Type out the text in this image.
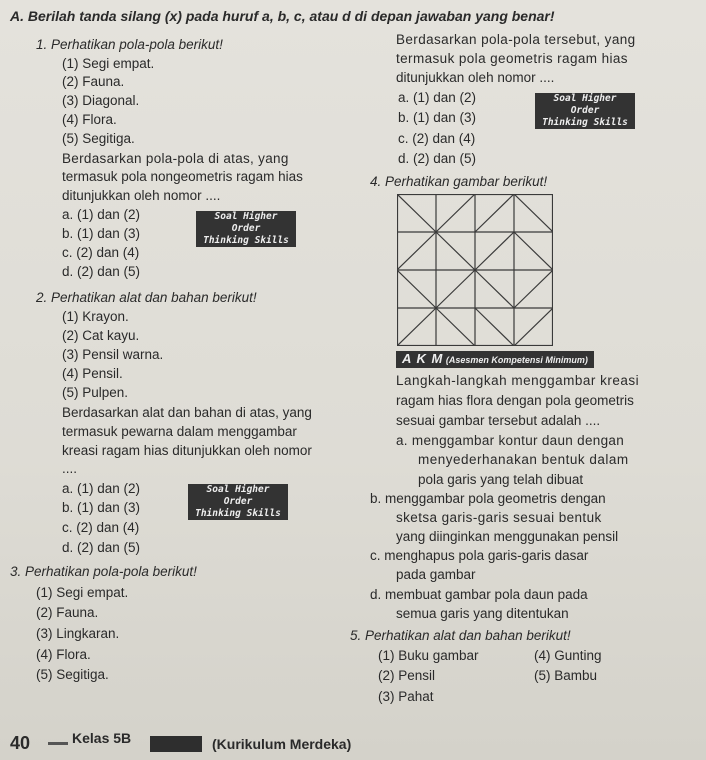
A. Berilah tanda silang (x) pada huruf a, b, c, atau d di depan jawaban yang benar!
1. Perhatikan pola-pola berikut!
(1) Segi empat.
(2) Fauna.
(3) Diagonal.
(4) Flora.
(5) Segitiga.
Berdasarkan pola-pola di atas, yang
termasuk pola nongeometris ragam hias
ditunjukkan oleh nomor ....
a. (1) dan (2)
b. (1) dan (3)
c. (2) dan (4)
d. (2) dan (5)
Soal Higher Order
Thinking Skills
2. Perhatikan alat dan bahan berikut!
(1) Krayon.
(2) Cat kayu.
(3) Pensil warna.
(4) Pensil.
(5) Pulpen.
Berdasarkan alat dan bahan di atas, yang
termasuk pewarna dalam menggambar
kreasi ragam hias ditunjukkan oleh nomor
....
a. (1) dan (2)
b. (1) dan (3)
c. (2) dan (4)
d. (2) dan (5)
Soal Higher Order
Thinking Skills
3. Perhatikan pola-pola berikut!
(1) Segi empat.
(2) Fauna.
(3) Lingkaran.
(4) Flora.
(5) Segitiga.
Berdasarkan pola-pola tersebut, yang
termasuk pola geometris ragam hias
ditunjukkan oleh nomor ....
a. (1) dan (2)
b. (1) dan (3)
c. (2) dan (4)
d. (2) dan (5)
Soal Higher Order
Thinking Skills
4. Perhatikan gambar berikut!
A K M (Asesmen Kompetensi Minimum)
Langkah-langkah menggambar kreasi
ragam hias flora dengan pola geometris
sesuai gambar tersebut adalah ....
a. menggambar kontur daun dengan
menyederhanakan bentuk dalam
pola garis yang telah dibuat
b. menggambar pola geometris dengan
sketsa garis-garis sesuai bentuk
yang diinginkan menggunakan pensil
c. menghapus pola garis-garis dasar
pada gambar
d. membuat gambar pola daun pada
semua garis yang ditentukan
5. Perhatikan alat dan bahan berikut!
(1) Buku gambar	(4) Gunting
(2) Pensil	(5) Bambu
(3) Pahat
40	Kelas 5B	(Kurikulum Merdeka)
